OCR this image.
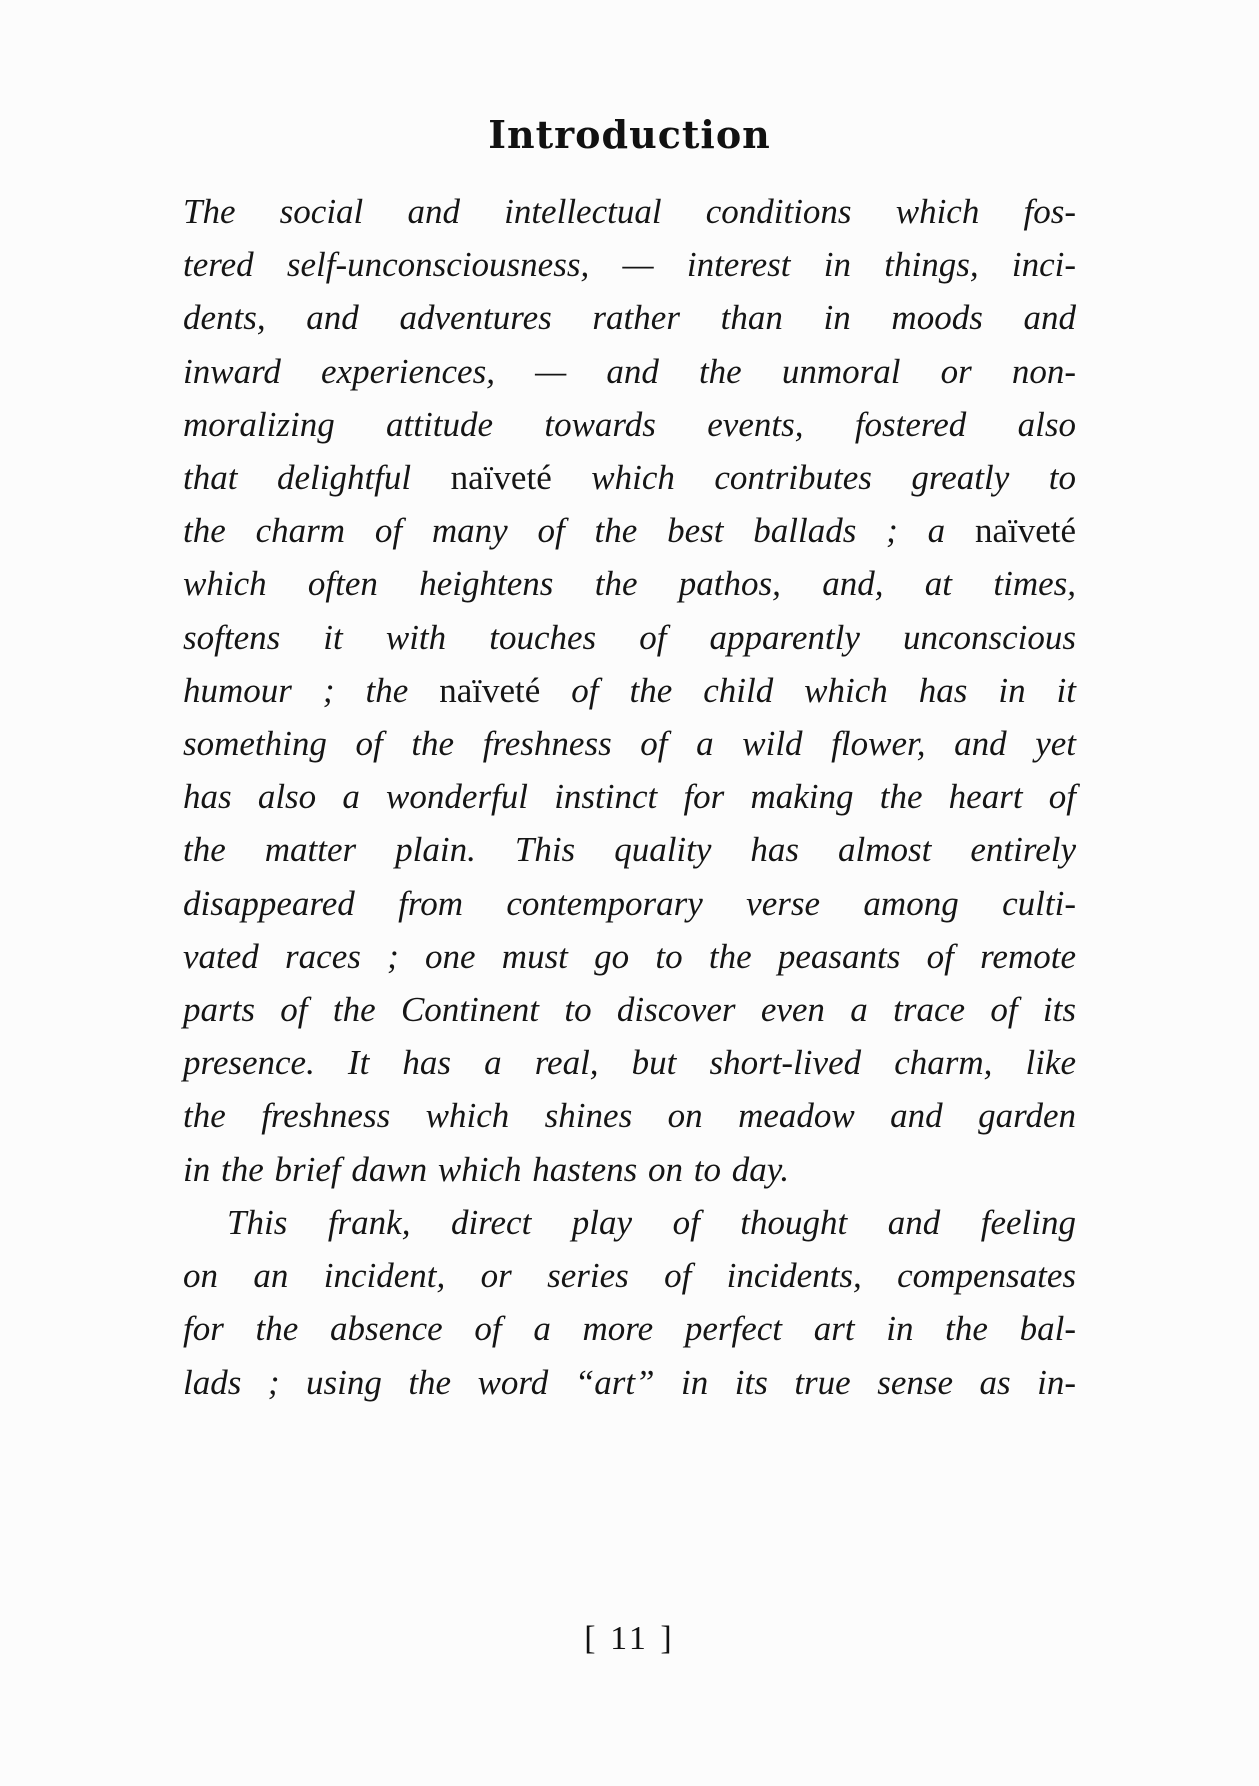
Introduction
The social and intellectual conditions which fos-
tered self-unconsciousness, — interest in things, inci-
dents, and adventures rather than in moods and
inward experiences, — and the unmoral or non-
moralizing attitude towards events, fostered also
that delightful naïveté which contributes greatly to
the charm of many of the best ballads ; a naïveté
which often heightens the pathos, and, at times,
softens it with touches of apparently unconscious
humour ; the naïveté of the child which has in it
something of the freshness of a wild flower, and yet
has also a wonderful instinct for making the heart of
the matter plain. This quality has almost entirely
disappeared from contemporary verse among culti-
vated races ; one must go to the peasants of remote
parts of the Continent to discover even a trace of its
presence. It has a real, but short-lived charm, like
the freshness which shines on meadow and garden
in the brief dawn which hastens on to day.
This frank, direct play of thought and feeling
on an incident, or series of incidents, compensates
for the absence of a more perfect art in the bal-
lads ; using the word “art” in its true sense as in-
[ 11 ]
